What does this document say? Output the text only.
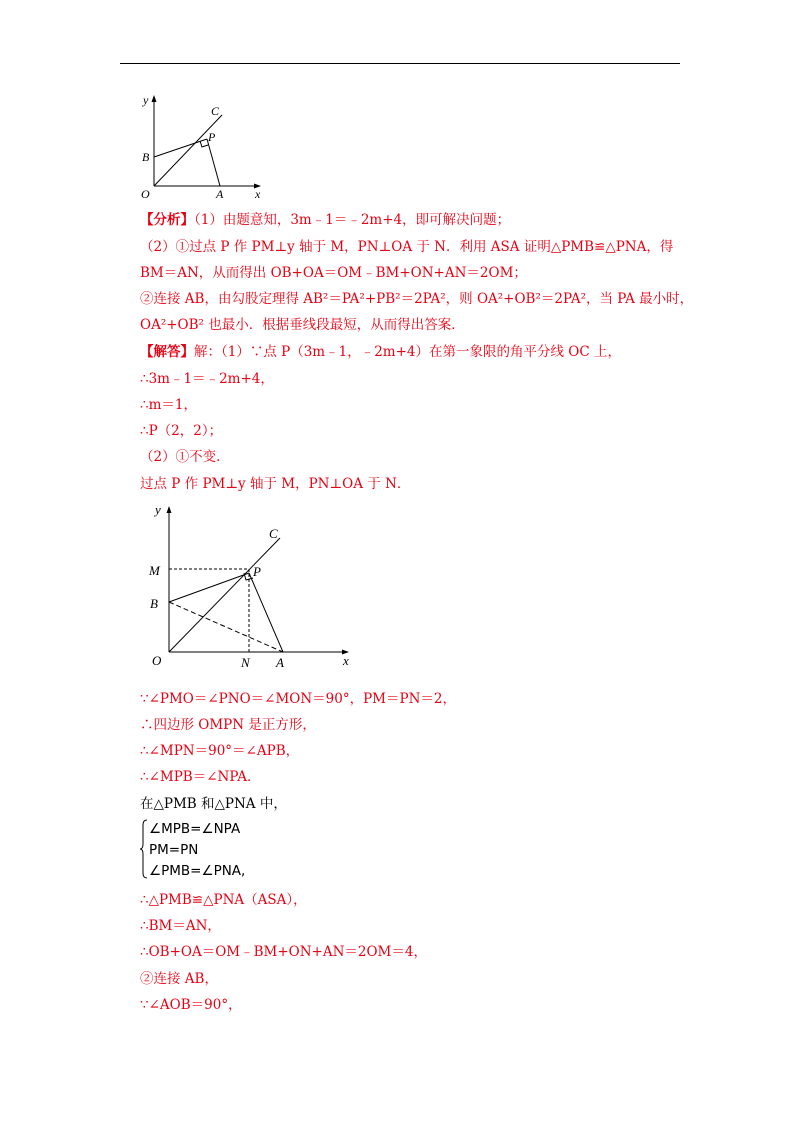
y
x
O	A
B
C
P
【分析】（1）由题意知，3m﹣1＝﹣2m+4，即可解决问题；
（2）①过点 P 作 PM⊥y 轴于 M，PN⊥OA 于 N．利用 ASA 证明△PMB≌△PNA，得
BM＝AN，从而得出 OB+OA＝OM﹣BM+ON+AN＝2OM；
②连接 AB，由勾股定理得 AB²＝PA²+PB²＝2PA²，则 OA²+OB²＝2PA²，当 PA 最小时，
OA²+OB² 也最小．根据垂线段最短，从而得出答案．
【解答】解：（1）∵点 P（3m﹣1，﹣2m+4）在第一象限的角平分线 OC 上，
∴3m﹣1＝﹣2m+4，
∴m＝1，
∴P（2，2）；
（2）①不变．
过点 P 作 PM⊥y 轴于 M，PN⊥OA 于 N．
y
x
O	A
N
B
M
C
P
∵∠PMO＝∠PNO＝∠MON＝90°，PM＝PN＝2，
∴四边形 OMPN 是正方形，
∴∠MPN＝90°＝∠APB，
∴∠MPB＝∠NPA．
在△PMB 和△PNA 中，
∠MPB=∠NPA
PM=PN
∠PMB=∠PNA,
∴△PMB≌△PNA（ASA），
∴BM＝AN，
∴OB+OA＝OM﹣BM+ON+AN＝2OM＝4，
②连接 AB，
∵∠AOB＝90°，
